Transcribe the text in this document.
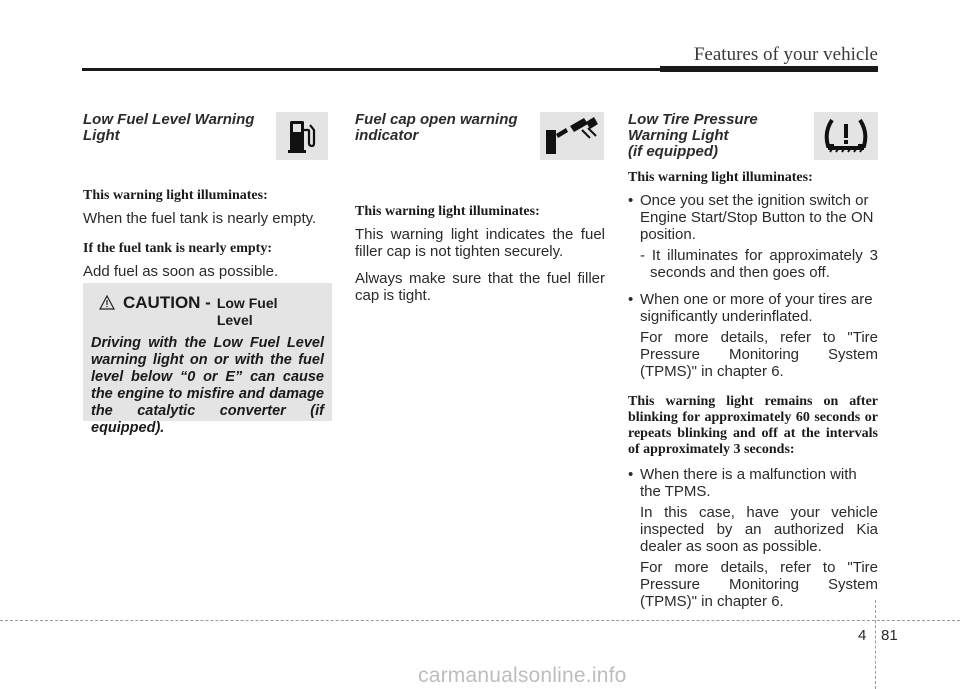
Features of your vehicle
Low Fuel Level Warning Light
This warning light illuminates:
When the fuel tank is nearly empty.
If the fuel tank is nearly empty:
Add fuel as soon as possible.
CAUTION - Low Fuel Level
Driving with the Low Fuel Level warning light on or with the fuel level below “0 or E” can cause the engine to misfire and damage the catalytic converter (if equipped).
Fuel cap open warning indicator
This warning light illuminates:
This warning light indicates the fuel filler cap is not tighten securely.
Always make sure that the fuel filler cap is tight.
Low Tire Pressure
Warning Light
(if equipped)
This warning light illuminates:
• Once you set the ignition switch or Engine Start/Stop Button to the ON position.
- It illuminates for approximately 3 seconds and then goes off.
• When one or more of your tires are significantly underinflated.
For more details, refer to "Tire Pressure Monitoring System (TPMS)" in chapter 6.
This warning light remains on after blinking for approximately 60 seconds or repeats blinking and off at the intervals of approximately 3 seconds:
• When there is a malfunction with the TPMS.
In this case, have your vehicle inspected by an authorized Kia dealer as soon as possible.
For more details, refer to "Tire Pressure Monitoring System (TPMS)" in chapter 6.
4 81
carmanualsonline.info
